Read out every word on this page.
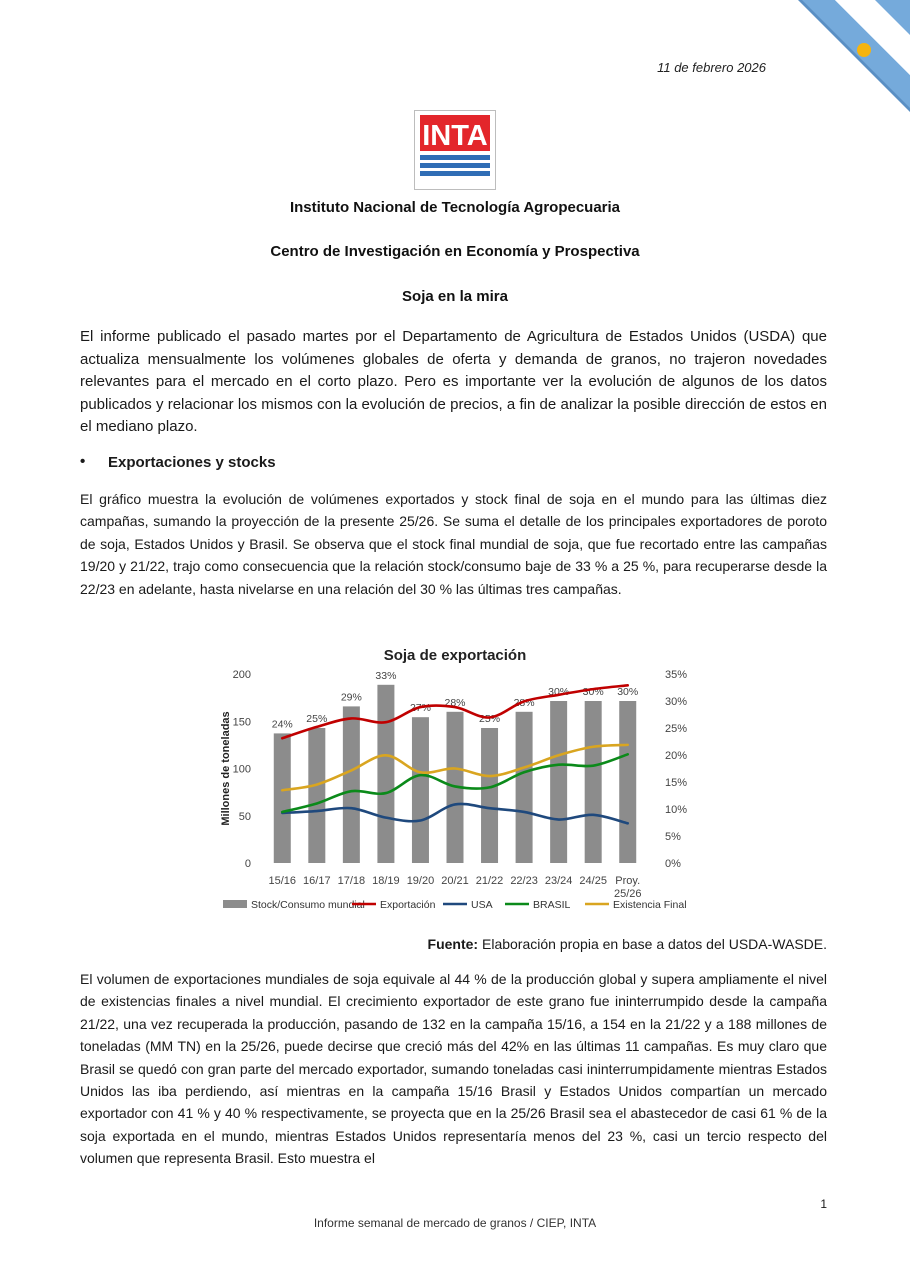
11 de febrero 2026
INTA
Instituto Nacional de Tecnología Agropecuaria
Centro de Investigación en Economía y Prospectiva
Soja en la mira

El informe publicado el pasado martes por el Departamento de Agricultura de Estados Unidos (USDA) que actualiza mensualmente los volúmenes globales de oferta y demanda de granos, no trajeron novedades relevantes para el mercado en el corto plazo. Pero es importante ver la evolución de algunos de los datos publicados y relacionar los mismos con la evolución de precios, a fin de analizar la posible dirección de estos en el mediano plazo.

• Exportaciones y stocks

El gráfico muestra la evolución de volúmenes exportados y stock final de soja en el mundo para las últimas diez campañas, sumando la proyección de la presente 25/26. Se suma el detalle de los principales exportadores de poroto de soja, Estados Unidos y Brasil. Se observa que el stock final mundial de soja, que fue recortado entre las campañas 19/20 y 21/22, trajo como consecuencia que la relación stock/consumo baje de 33 % a 25 %, para recuperarse desde la 22/23 en adelante, hasta nivelarse en una relación del 30 % las últimas tres campañas.

Soja de exportación
0
50
100
150
200
0%
5%
10%
15%
20%
25%
30%
35%
Millones de toneladas	24% 25%
29%
33%
27% 28%
25%
28%
30% 30% 30%
15/16 16/17 17/18 18/19 19/20 20/21 21/22 22/23 23/24 24/25 Proy.
25/26
Stock/Consumo mundial Exportación	USA	BRASIL	Existencia Final
Fuente: Elaboración propia en base a datos del USDA-WASDE.

El volumen de exportaciones mundiales de soja equivale al 44 % de la producción global y supera ampliamente el nivel de existencias finales a nivel mundial. El crecimiento exportador de este grano fue ininterrumpido desde la campaña 21/22, una vez recuperada la producción, pasando de 132 en la campaña 15/16, a 154 en la 21/22 y a 188 millones de toneladas (MM TN) en la 25/26, puede decirse que creció más del 42% en las últimas 11 campañas. Es muy claro que Brasil se quedó con gran parte del mercado exportador, sumando toneladas casi ininterrumpidamente mientras Estados Unidos las iba perdiendo, así mientras en la campaña 15/16 Brasil y Estados Unidos compartían un mercado exportador con 41 % y 40 % respectivamente, se proyecta que en la 25/26 Brasil sea el abastecedor de casi 61 % de la soja exportada en el mundo, mientras Estados Unidos representaría menos del 23 %, casi un tercio respecto del volumen que representa Brasil. Esto muestra el

1
Informe semanal de mercado de granos / CIEP, INTA
